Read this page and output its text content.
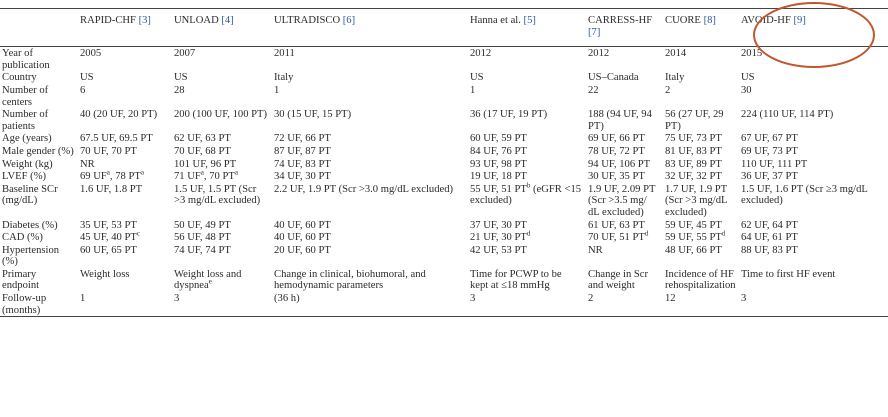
	RAPID-CHF [3]	UNLOAD [4]	ULTRADISCO [6]	Hanna et al. [5]	CARRESS-HF [7]	CUORE [8]	AVOID-HF [9]
Year of publication	2005	2007	2011	2012	2012	2014	2015
Country	US	US	Italy	US	US–Canada	Italy	US
Number of centers	6	28	1	1	22	2	30
Number of patients	40 (20 UF, 20 PT)	200 (100 UF, 100 PT)	30 (15 UF, 15 PT)	36 (17 UF, 19 PT)	188 (94 UF, 94 PT)	56 (27 UF, 29 PT)	224 (110 UF, 114 PT)
Age (years)	67.5 UF, 69.5 PT	62 UF, 63 PT	72 UF, 66 PT	60 UF, 59 PT	69 UF, 66 PT	75 UF, 73 PT	67 UF, 67 PT
Male gender (%)	70 UF, 70 PT	70 UF, 68 PT	87 UF, 87 PT	84 UF, 76 PT	78 UF, 72 PT	81 UF, 83 PT	69 UF, 73 PT
Weight (kg)	NR	101 UF, 96 PT	74 UF, 83 PT	93 UF, 98 PT	94 UF, 106 PT	83 UF, 89 PT	110 UF, 111 PT
LVEF (%)	69 $UF^a$, 78 $PT^a$	71 $UF^a$, 70 $PT^a$	34 UF, 30 PT	19 UF, 18 PT	30 UF, 35 PT	32 UF, 32 PT	36 UF, 37 PT
Baseline SCr (mg/dL)	1.6 UF, 1.8 PT	1.5 UF, 1.5 PT (Scr >3 mg/dL excluded)	2.2 UF, 1.9 PT (Scr >3.0 mg/dL excluded)	55 UF, 51 $PT^b$ (eGFR <15 excluded)	1.9 UF, 2.09 PT (Scr >3.5 mg/ dL excluded)	1.7 UF, 1.9 PT (Scr >3 mg/dL excluded)	1.5 UF, 1.6 PT (Scr ≥3 mg/dL excluded)
Diabetes (%)	35 UF, 53 PT	50 UF, 49 PT	40 UF, 60 PT	37 UF, 30 PT	61 UF, 63 PT	59 UF, 45 PT	62 UF, 64 PT
CAD (%)	45 UF, 40 $PT^c$	56 UF, 48 PT	40 UF, 60 PT	21 UF, 30 $PT^d$	70 UF, 51 $PT^d$	59 UF, 55 $PT^d$	64 UF, 61 PT
Hypertension (%)	60 UF, 65 PT	74 UF, 74 PT	20 UF, 60 PT	42 UF, 53 PT	NR	48 UF, 66 PT	88 UF, 83 PT
Primary endpoint	Weight loss	Weight loss and dyspnea$^e$	Change in clinical, biohumoral, and hemodynamic parameters	Time for PCWP to be kept at ≤18 mmHg	Change in Scr and weight	Incidence of HF rehospitalization	Time to first HF event
Follow-up (months)	1	3	(36 h)	3	2	12	3
